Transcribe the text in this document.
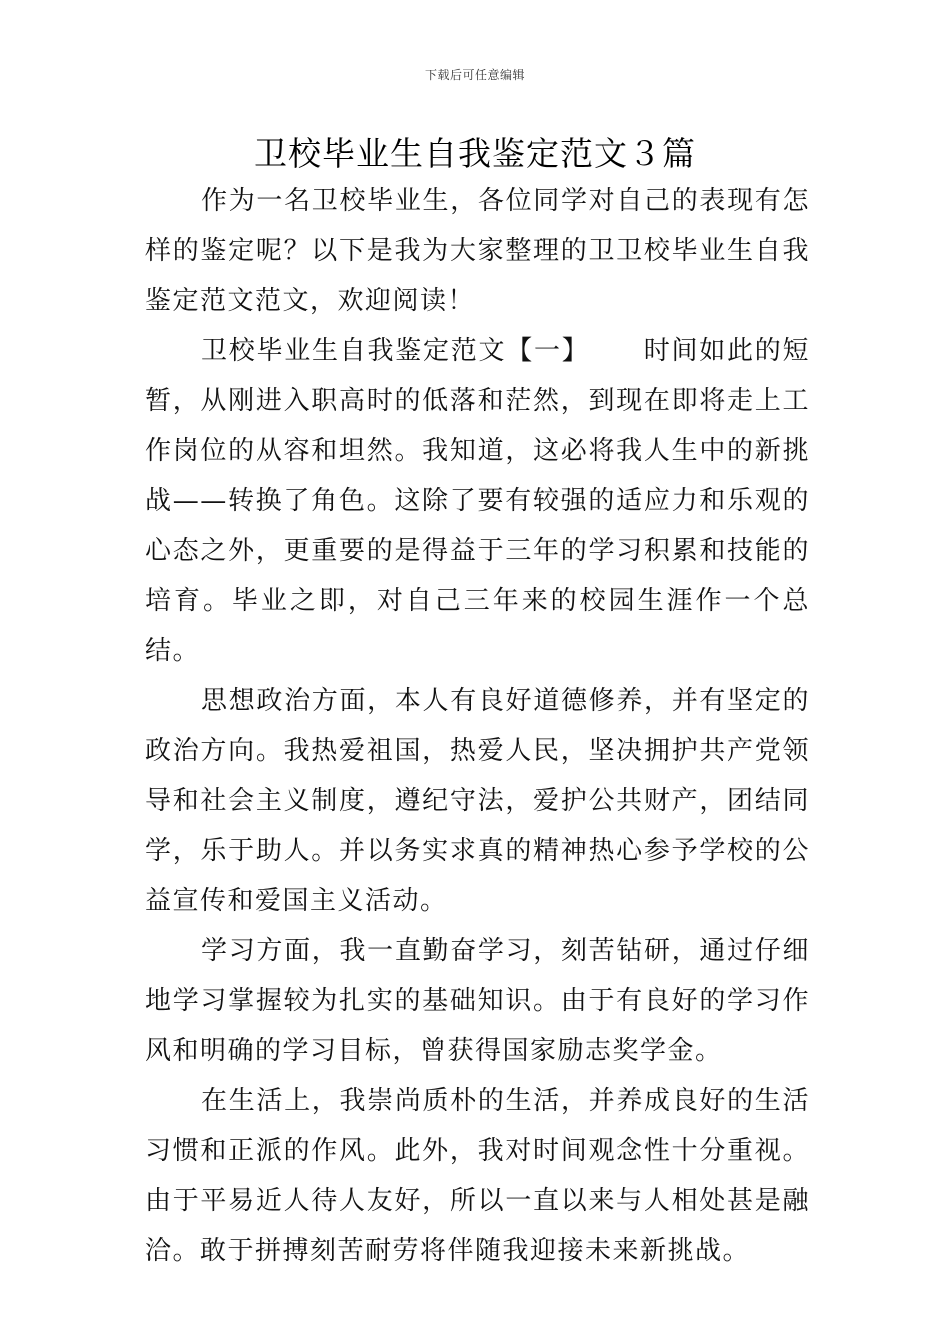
下载后可任意编辑
卫校毕业生自我鉴定范文３篇

作为一名卫校毕业生，各位同学对自己的表现有怎样的鉴定呢？以下是我为大家整理的卫卫校毕业生自我鉴定范文范文，欢迎阅读！

卫校毕业生自我鉴定范文【一】 时间如此的短暂，从刚进入职高时的低落和茫然，到现在即将走上工作岗位的从容和坦然。我知道，这必将我人生中的新挑战——转换了角色。这除了要有较强的适应力和乐观的心态之外，更重要的是得益于三年的学习积累和技能的培育。毕业之即，对自己三年来的校园生涯作一个总结。

思想政治方面，本人有良好道德修养，并有坚定的政治方向。我热爱祖国，热爱人民，坚决拥护共产党领导和社会主义制度，遵纪守法，爱护公共财产，团结同学，乐于助人。并以务实求真的精神热心参予学校的公益宣传和爱国主义活动。

学习方面，我一直勤奋学习，刻苦钻研，通过仔细地学习掌握较为扎实的基础知识。由于有良好的学习作风和明确的学习目标，曾获得国家励志奖学金。

在生活上，我崇尚质朴的生活，并养成良好的生活习惯和正派的作风。此外，我对时间观念性十分重视。由于平易近人待人友好，所以一直以来与人相处甚是融洽。敢于拼搏刻苦耐劳将伴随我迎接未来新挑战。
